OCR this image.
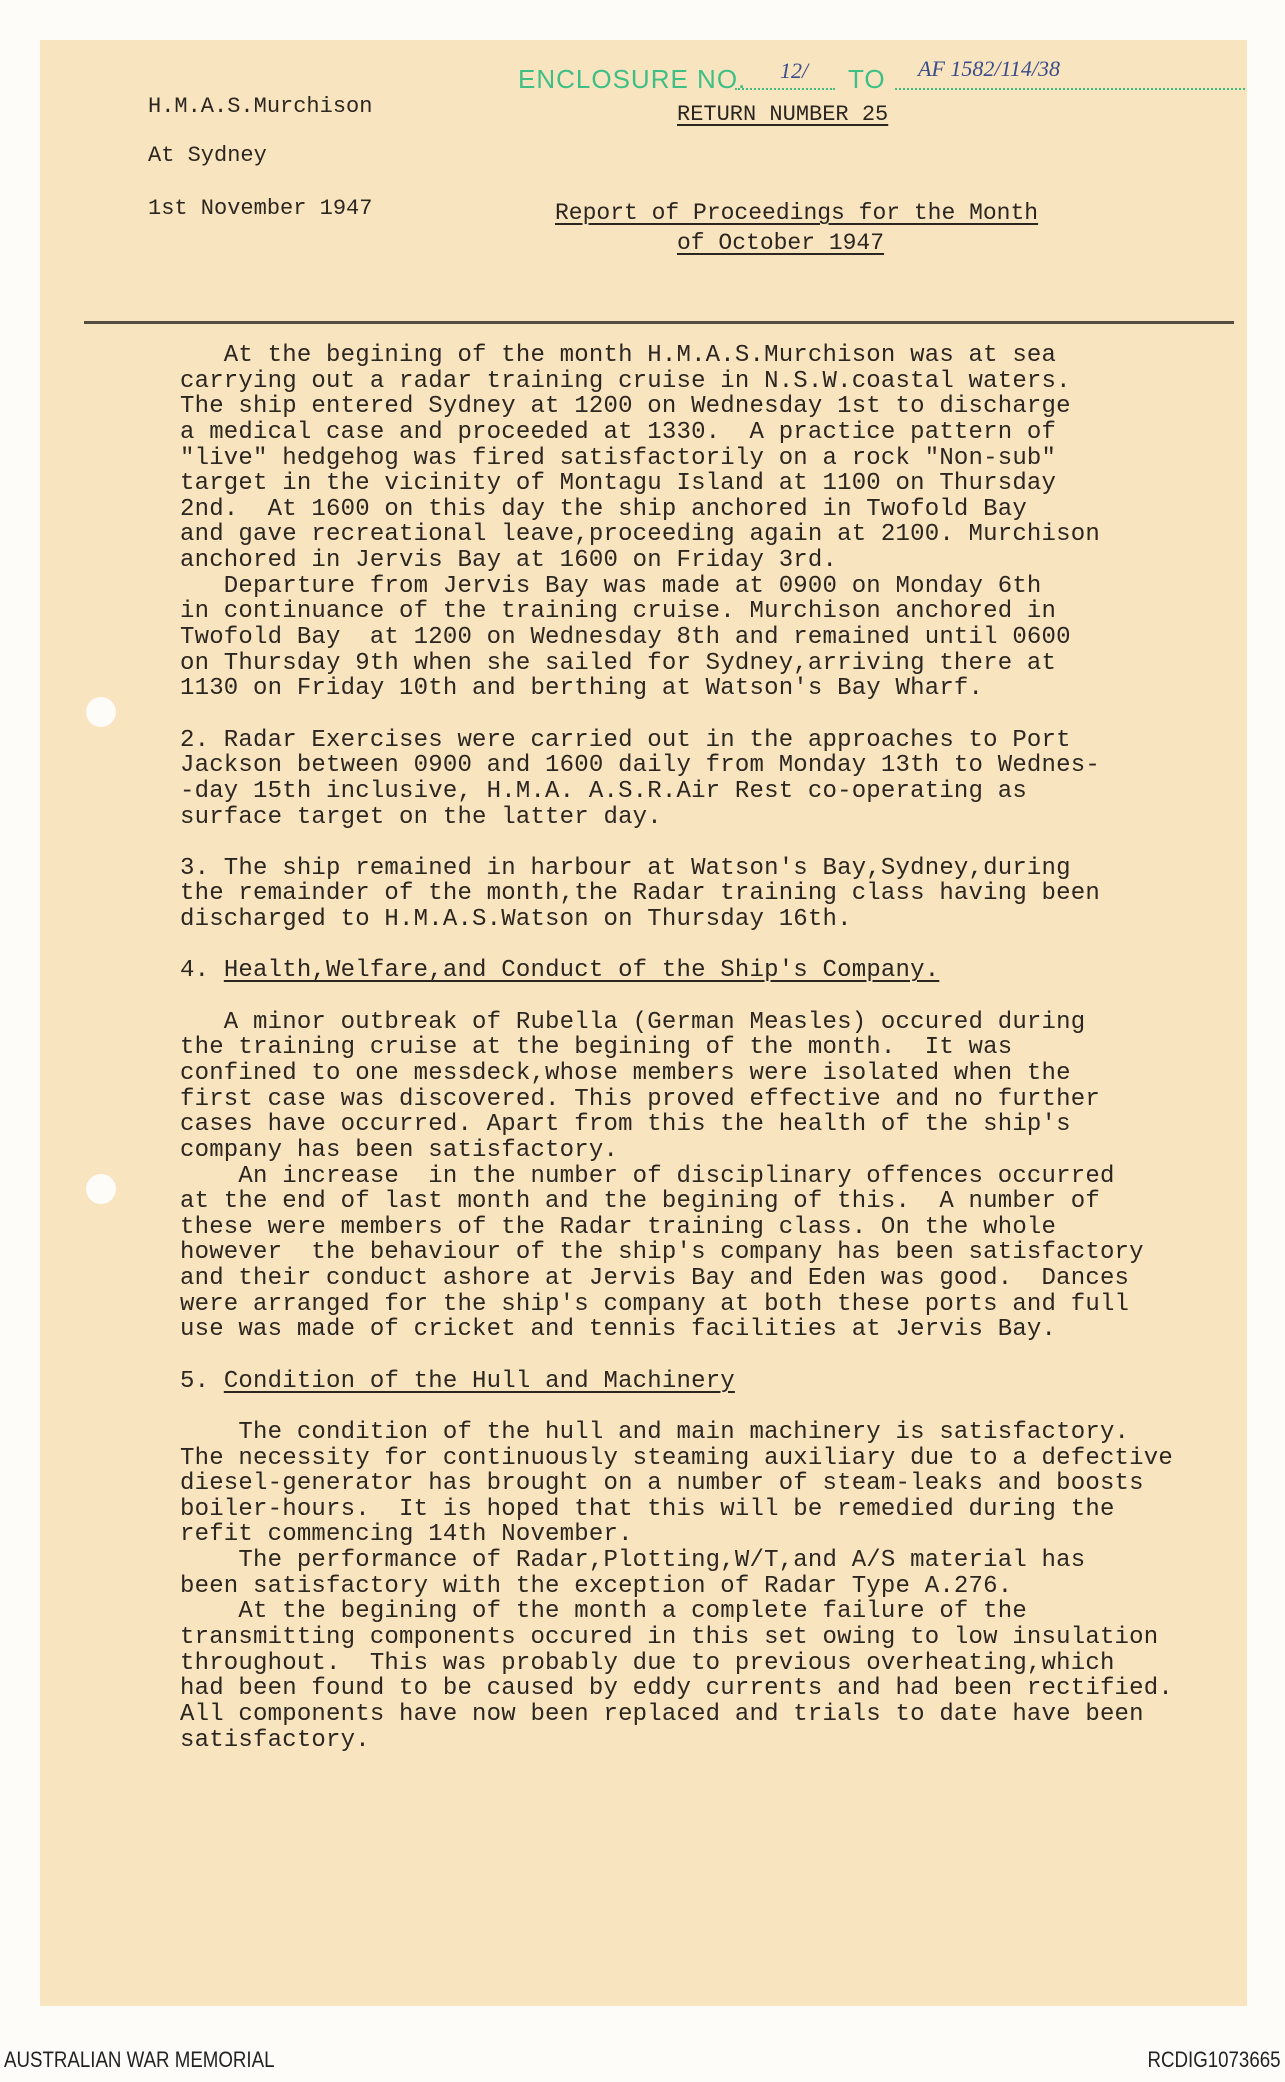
ENCLOSURE NO. 12/ TO AF 1582/114/38
H.M.A.S.Murchison
At Sydney
1st November 1947
RETURN NUMBER 25
Report of Proceedings for the Month
of October 1947
At the begining of the month H.M.A.S.Murchison was at sea
carrying out a radar training cruise in N.S.W.coastal waters.
The ship entered Sydney at 1200 on Wednesday 1st to discharge
a medical case and proceeded at 1330.  A practice pattern of
"live" hedgehog was fired satisfactorily on a rock "Non-sub"
target in the vicinity of Montagu Island at 1100 on Thursday
2nd.  At 1600 on this day the ship anchored in Twofold Bay
and gave recreational leave,proceeding again at 2100. Murchison
anchored in Jervis Bay at 1600 on Friday 3rd.
Departure from Jervis Bay was made at 0900 on Monday 6th
in continuance of the training cruise. Murchison anchored in
Twofold Bay  at 1200 on Wednesday 8th and remained until 0600
on Thursday 9th when she sailed for Sydney,arriving there at
1130 on Friday 10th and berthing at Watson's Bay Wharf.
2. Radar Exercises were carried out in the approaches to Port
Jackson between 0900 and 1600 daily from Monday 13th to Wednes-
-day 15th inclusive, H.M.A. A.S.R.Air Rest co-operating as
surface target on the latter day.
3. The ship remained in harbour at Watson's Bay,Sydney,during
the remainder of the month,the Radar training class having been
discharged to H.M.A.S.Watson on Thursday 16th.
4. Health,Welfare,and Conduct of the Ship's Company.
A minor outbreak of Rubella (German Measles) occured during
the training cruise at the begining of the month.  It was
confined to one messdeck,whose members were isolated when the
first case was discovered. This proved effective and no further
cases have occurred. Apart from this the health of the ship's
company has been satisfactory.
An increase  in the number of disciplinary offences occurred
at the end of last month and the begining of this.  A number of
these were members of the Radar training class. On the whole
however  the behaviour of the ship's company has been satisfactory
and their conduct ashore at Jervis Bay and Eden was good.  Dances
were arranged for the ship's company at both these ports and full
use was made of cricket and tennis facilities at Jervis Bay.
5. Condition of the Hull and Machinery
The condition of the hull and main machinery is satisfactory.
The necessity for continuously steaming auxiliary due to a defective
diesel-generator has brought on a number of steam-leaks and boosts
boiler-hours.  It is hoped that this will be remedied during the
refit commencing 14th November.
The performance of Radar,Plotting,W/T,and A/S material has
been satisfactory with the exception of Radar Type A.276.
At the begining of the month a complete failure of the
transmitting components occured in this set owing to low insulation
throughout.  This was probably due to previous overheating,which
had been found to be caused by eddy currents and had been rectified.
All components have now been replaced and trials to date have been
satisfactory.
AUSTRALIAN WAR MEMORIAL	RCDIG1073665
